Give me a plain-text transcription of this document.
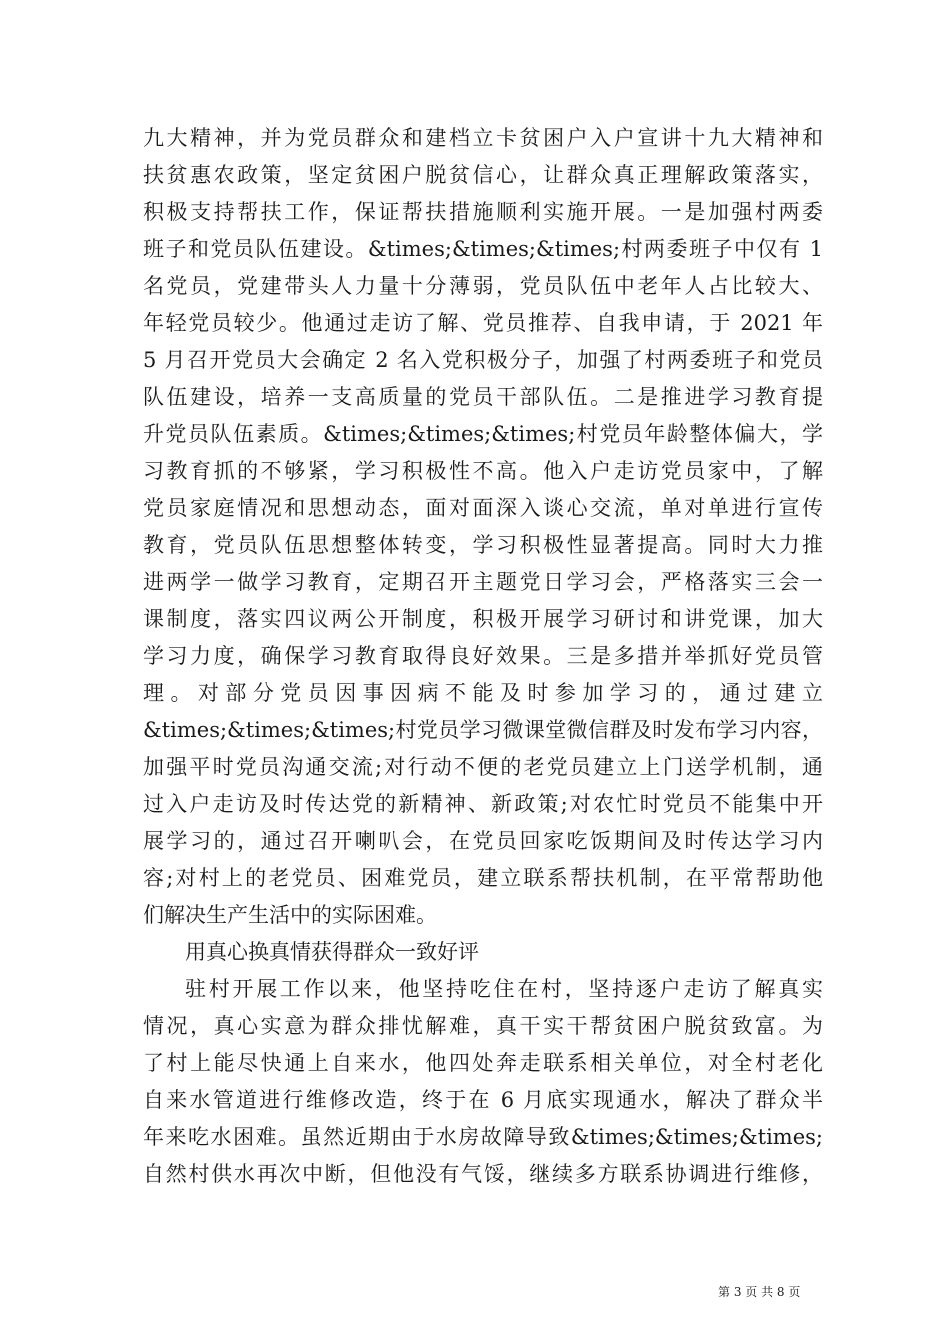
九大精神，并为党员群众和建档立卡贫困户入户宣讲十九大精神和
扶贫惠农政策，坚定贫困户脱贫信心，让群众真正理解政策落实，
积极支持帮扶工作，保证帮扶措施顺利实施开展。一是加强村两委
班子和党员队伍建设。&times;&times;&times;村两委班子中仅有 1
名党员，党建带头人力量十分薄弱，党员队伍中老年人占比较大、
年轻党员较少。他通过走访了解、党员推荐、自我申请，于 2021 年
5 月召开党员大会确定 2 名入党积极分子，加强了村两委班子和党员
队伍建设，培养一支高质量的党员干部队伍。二是推进学习教育提
升党员队伍素质。&times;&times;&times;村党员年龄整体偏大，学
习教育抓的不够紧，学习积极性不高。他入户走访党员家中，了解
党员家庭情况和思想动态，面对面深入谈心交流，单对单进行宣传
教育，党员队伍思想整体转变，学习积极性显著提高。同时大力推
进两学一做学习教育，定期召开主题党日学习会，严格落实三会一
课制度，落实四议两公开制度，积极开展学习研讨和讲党课，加大
学习力度，确保学习教育取得良好效果。三是多措并举抓好党员管
理。对部分党员因事因病不能及时参加学习的，通过建立
&times;&times;&times;村党员学习微课堂微信群及时发布学习内容，
加强平时党员沟通交流;对行动不便的老党员建立上门送学机制，通
过入户走访及时传达党的新精神、新政策;对农忙时党员不能集中开
展学习的，通过召开喇叭会，在党员回家吃饭期间及时传达学习内
容;对村上的老党员、困难党员，建立联系帮扶机制，在平常帮助他
们解决生产生活中的实际困难。
用真心换真情获得群众一致好评
驻村开展工作以来，他坚持吃住在村，坚持逐户走访了解真实
情况，真心实意为群众排忧解难，真干实干帮贫困户脱贫致富。为
了村上能尽快通上自来水，他四处奔走联系相关单位，对全村老化
自来水管道进行维修改造，终于在 6 月底实现通水，解决了群众半
年来吃水困难。虽然近期由于水房故障导致&times;&times;&times;
自然村供水再次中断，但他没有气馁，继续多方联系协调进行维修，
第 3 页 共 8 页
